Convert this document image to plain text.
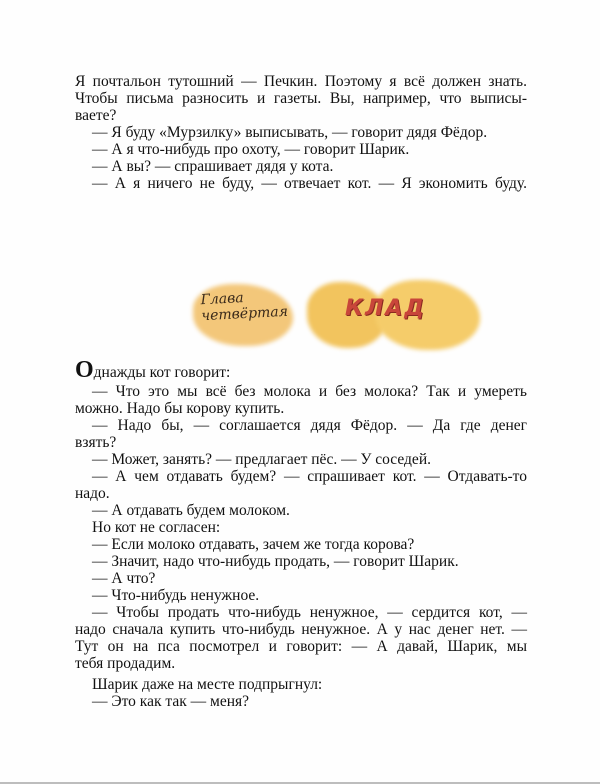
Я почтальон тутошний — Печкин. Поэтому я всё должен знать.
Чтобы письма разносить и газеты. Вы, например, что выписы-
ваете?
— Я буду «Мурзилку» выписывать, — говорит дядя Фёдор.
— А я что-нибудь про охоту, — говорит Шарик.
— А вы? — спрашивает дядя у кота.
— А я ничего не буду, — отвечает кот. — Я экономить буду.
Глава
четвёртая	КЛАД
Однажды кот говорит:
— Что это мы всё без молока и без молока? Так и умереть
можно. Надо бы корову купить.
— Надо бы, — соглашается дядя Фёдор. — Да где денег
взять?
— Может, занять? — предлагает пёс. — У соседей.
— А чем отдавать будем? — спрашивает кот. — Отдавать-то
надо.
— А отдавать будем молоком.
Но кот не согласен:
— Если молоко отдавать, зачем же тогда корова?
— Значит, надо что-нибудь продать, — говорит Шарик.
— А что?
— Что-нибудь ненужное.
— Чтобы продать что-нибудь ненужное, — сердится кот, —
надо сначала купить что-нибудь ненужное. А у нас денег нет. —
Тут он на пса посмотрел и говорит: — А давай, Шарик, мы
тебя продадим.
Шарик даже на месте подпрыгнул:
— Это как так — меня?
